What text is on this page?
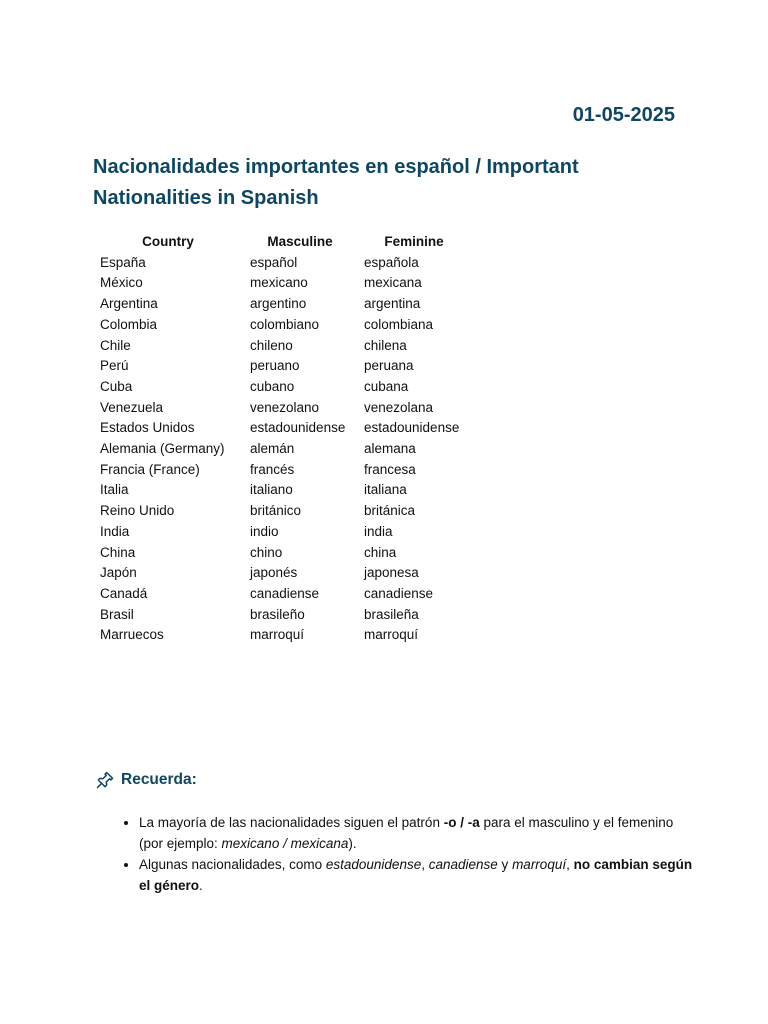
01-05-2025
Nacionalidades importantes en español / Important Nationalities in Spanish
Country	Masculine	Feminine
España	español	española
México	mexicano	mexicana
Argentina	argentino	argentina
Colombia	colombiano	colombiana
Chile	chileno	chilena
Perú	peruano	peruana
Cuba	cubano	cubana
Venezuela	venezolano	venezolana
Estados Unidos	estadounidense	estadounidense
Alemania (Germany)	alemán	alemana
Francia (France)	francés	francesa
Italia	italiano	italiana
Reino Unido	británico	británica
India	indio	india
China	chino	china
Japón	japonés	japonesa
Canadá	canadiense	canadiense
Brasil	brasileño	brasileña
Marruecos	marroquí	marroquí
Recuerda:
• La mayoría de las nacionalidades siguen el patrón -o / -a para el masculino y el femenino (por ejemplo: mexicano / mexicana).
• Algunas nacionalidades, como estadounidense, canadiense y marroquí, no cambian según el género.
